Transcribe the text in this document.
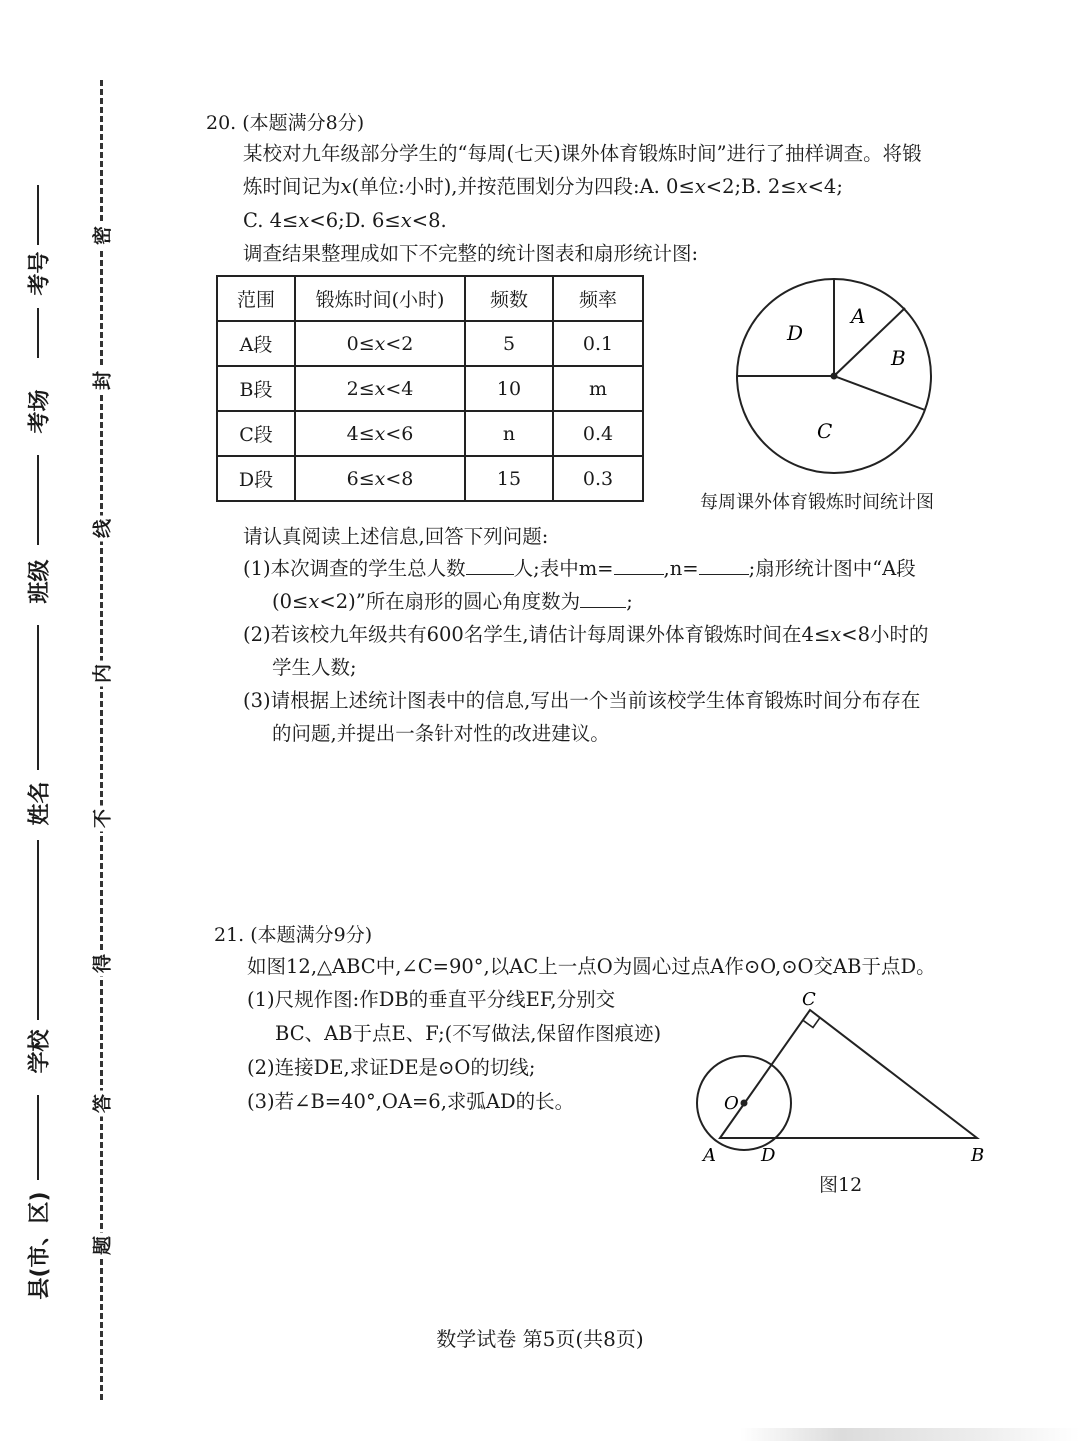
考号
考场
班级
姓名
学校
县(市、区)
密
封
线
内
不
得
答
题
20. (本题满分8分)
某校对九年级部分学生的“每周(七天)课外体育锻炼时间”进行了抽样调查。将锻
炼时间记为x(单位:小时),并按范围划分为四段:A. 0≤x<2;B. 2≤x<4;
C. 4≤x<6;D. 6≤x<8.
调查结果整理成如下不完整的统计图表和扇形统计图:
范围	锻炼时间(小时)	频数	频率
A段	0≤x<2	5	0.1
B段	2≤x<4	10	m
C段	4≤x<6	n	0.4
D段	6≤x<8	15	0.3
A
B
C
D
每周课外体育锻炼时间统计图
请认真阅读上述信息,回答下列问题:
(1)本次调查的学生总人数 人;表中m=	,n=	;扇形统计图中“A段
(0≤x<2)”所在扇形的圆心角度数为 ;
(2)若该校九年级共有600名学生,请估计每周课外体育锻炼时间在4≤x<8小时的
学生人数;
(3)请根据上述统计图表中的信息,写出一个当前该校学生体育锻炼时间分布存在
的问题,并提出一条针对性的改进建议。
21. (本题满分9分)
如图12,△ABC中,∠C=90°,以AC上一点O为圆心过点A作⊙O,⊙O交AB于点D。
(1)尺规作图:作DB的垂直平分线EF,分别交
BC、AB于点E、F;(不写做法,保留作图痕迹)
(2)连接DE,求证DE是⊙O的切线;
(3)若∠B=40°,OA=6,求弧AD的长。
A	D	B
C
O
图12
数学试卷 第5页(共8页)
